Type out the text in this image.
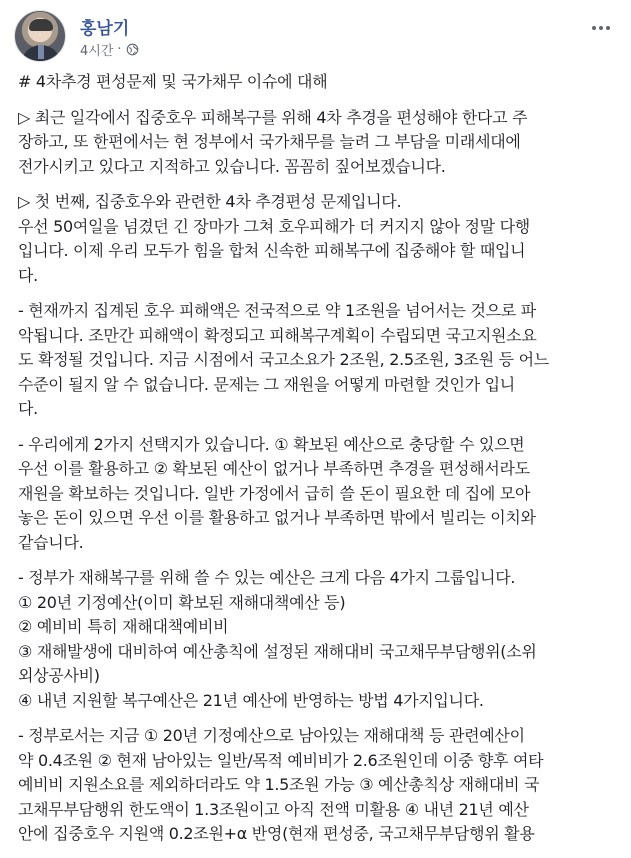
홍남기
4시간 ·
# 4차추경 편성문제 및 국가채무 이슈에 대해
▷ 최근 일각에서 집중호우 피해복구를 위해 4차 추경을 편성해야 한다고 주
장하고, 또 한편에서는 현 정부에서 국가채무를 늘려 그 부담을 미래세대에
전가시키고 있다고 지적하고 있습니다. 꼼꼼히 짚어보겠습니다.
▷ 첫 번째, 집중호우와 관련한 4차 추경편성 문제입니다.
우선 50여일을 넘겼던 긴 장마가 그쳐 호우피해가 더 커지지 않아 정말 다행
입니다. 이제 우리 모두가 힘을 합쳐 신속한 피해복구에 집중해야 할 때입니
다.
- 현재까지 집계된 호우 피해액은 전국적으로 약 1조원을 넘어서는 것으로 파
악됩니다. 조만간 피해액이 확정되고 피해복구계획이 수립되면 국고지원소요
도 확정될 것입니다. 지금 시점에서 국고소요가 2조원, 2.5조원, 3조원 등 어느
수준이 될지 알 수 없습니다. 문제는 그 재원을 어떻게 마련할 것인가 입니
다.
- 우리에게 2가지 선택지가 있습니다. ① 확보된 예산으로 충당할 수 있으면
우선 이를 활용하고 ② 확보된 예산이 없거나 부족하면 추경을 편성해서라도
재원을 확보하는 것입니다. 일반 가정에서 급히 쓸 돈이 필요한 데 집에 모아
놓은 돈이 있으면 우선 이를 활용하고 없거나 부족하면 밖에서 빌리는 이치와
같습니다.
- 정부가 재해복구를 위해 쓸 수 있는 예산은 크게 다음 4가지 그룹입니다.
① 20년 기정예산(이미 확보된 재해대책예산 등)
② 예비비 특히 재해대책예비비
③ 재해발생에 대비하여 예산총칙에 설정된 재해대비 국고채무부담행위(소위
외상공사비)
④ 내년 지원할 복구예산은 21년 예산에 반영하는 방법 4가지입니다.
- 정부로서는 지금 ① 20년 기정예산으로 남아있는 재해대책 등 관련예산이
약 0.4조원 ② 현재 남아있는 일반/목적 예비비가 2.6조원인데 이중 향후 여타
예비비 지원소요를 제외하더라도 약 1.5조원 가능 ③ 예산총칙상 재해대비 국
고채무부담행위 한도액이 1.3조원이고 아직 전액 미활용 ④ 내년 21년 예산
안에 집중호우 지원액 0.2조원+α 반영(현재 편성중, 국고채무부담행위 활용
